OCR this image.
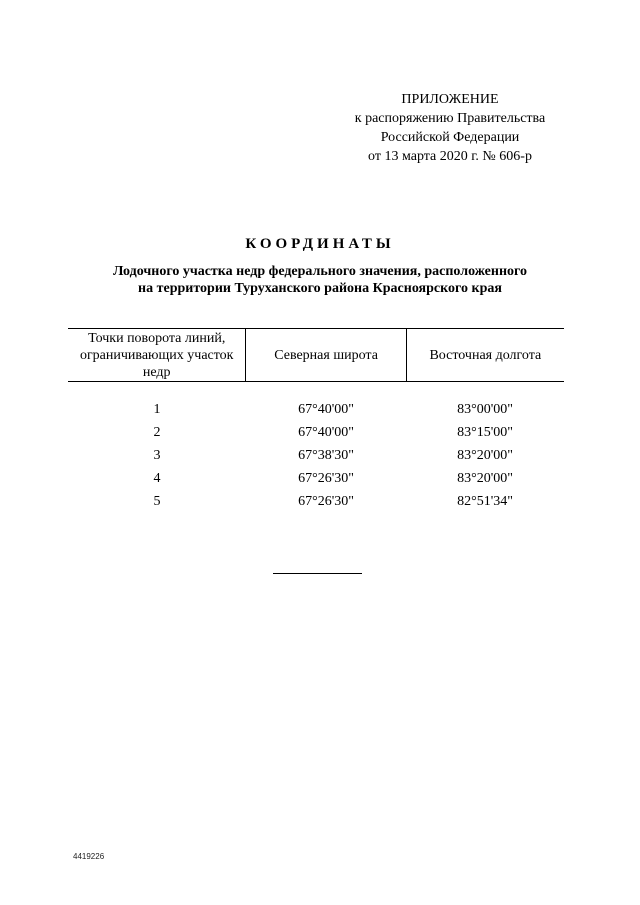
ПРИЛОЖЕНИЕ
к распоряжению Правительства
Российской Федерации
от 13 марта 2020 г. № 606-р
КООРДИНАТЫ
Лодочного участка недр федерального значения, расположенного
на территории Туруханского района Красноярского края
Точки поворота линий, ограничивающих участок недр	Северная широта	Восточная долгота
1	67°40'00"	83°00'00"
2	67°40'00"	83°15'00"
3	67°38'30"	83°20'00"
4	67°26'30"	83°20'00"
5	67°26'30"	82°51'34"
4419226
